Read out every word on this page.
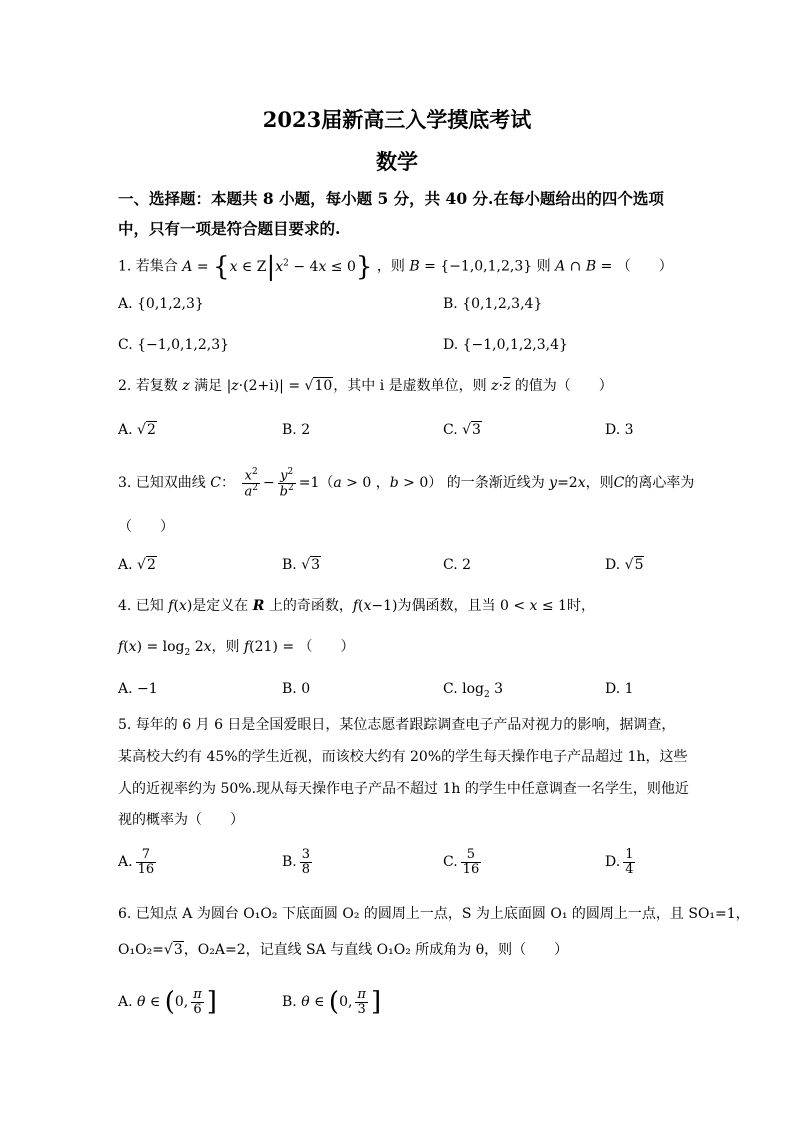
2023届新高三入学摸底考试
数学
一、选择题：本题共 8 小题，每小题 5 分，共 40 分.在每小题给出的四个选项中，只有一项是符合题目要求的.
1. 若集合 A = {x ∈ $Z|x^2 - 4x \le 0$} ，则 B = {−1,0,1,2,3} 则 A ∩ B = （　　）
A. {0,1,2,3}	B. {0,1,2,3,4}
C. {−1,0,1,2,3}	D. {−1,0,1,2,3,4}
2. 若复数 z 满足 |z·(2+i)| = √10，其中 i 是虚数单位，则 $z\cdot\overline{z}$ 的值为（　　）
A. √2	B. 2	C. √3	D. 3
3. 已知双曲线 C： $\frac{x^2}{a^2} - \frac{y^2}{b^2} =1(a > 0$ ，b > 0） 的一条渐近线为 y=2x，则C的离心率为
（　　）
A. √2	B. √3	C. 2	D. √5
4. 已知 f(x)是定义在 R 上的奇函数，f(x−1)为偶函数，且当 0 < x ≤ 1时，
$f(x) = \log_2 2x$，则 f(21) = （　　）
A. −1	B. 0	C. $\log_2 3$	D. 1
5. 每年的 6 月 6 日是全国爱眼日，某位志愿者跟踪调查电子产品对视力的影响，据调查，
某高校大约有 45%的学生近视，而该校大约有 20%的学生每天操作电子产品超过 1h，这些
人的近视率约为 50%.现从每天操作电子产品不超过 1h 的学生中任意调查一名学生，则他近
视的概率为（　　）
A. $\frac{7}{16}$	B. $\frac{3}{8}$	C. $\frac{5}{16}$	D. $\frac{1}{4}$
6. 已知点 A 为圆台 O₁O₂ 下底面圆 O₂ 的圆周上一点，S 为上底面圆 O₁ 的圆周上一点，且 SO₁=1，
O₁O₂=√3，O₂A=2，记直线 SA 与直线 O₁O₂ 所成角为 θ，则（　　）
A. θ ∈ (0, $\frac{\pi}{6}$ ]	B. θ ∈ (0, $\frac{\pi}{3}$ ]
